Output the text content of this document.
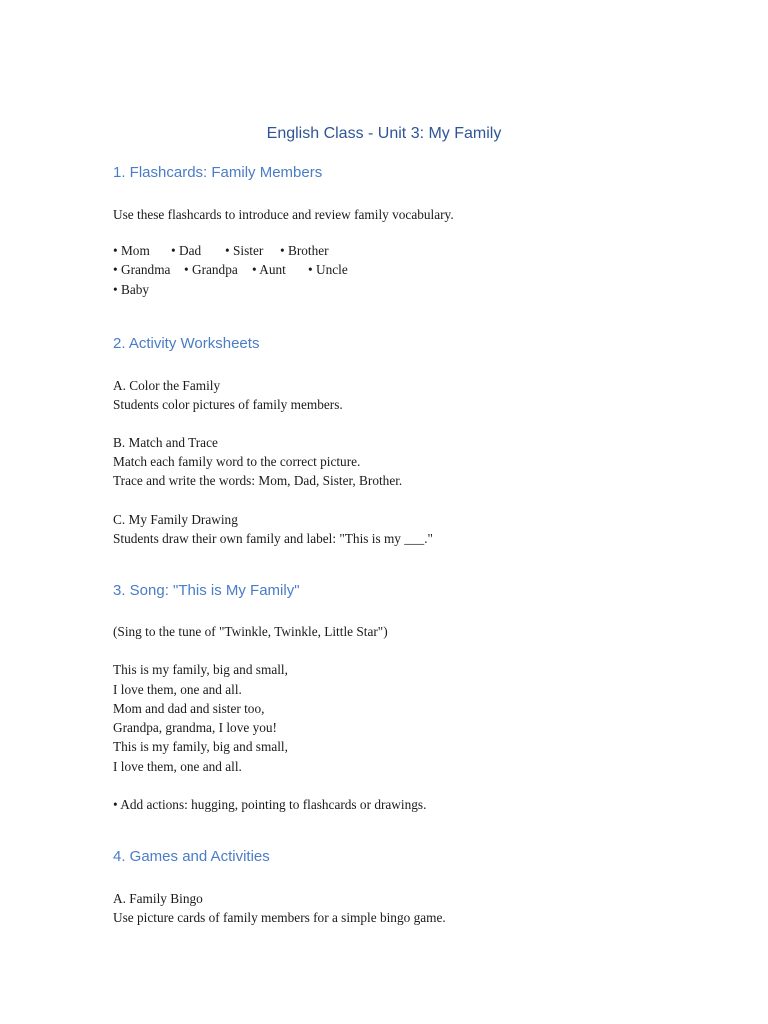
English Class - Unit 3: My Family
1. Flashcards: Family Members
Use these flashcards to introduce and review family vocabulary.
• Mom • Dad • Sister • Brother
• Grandma • Grandpa • Aunt • Uncle
• Baby
2. Activity Worksheets
A. Color the Family
Students color pictures of family members.
B. Match and Trace
Match each family word to the correct picture.
Trace and write the words: Mom, Dad, Sister, Brother.
C. My Family Drawing
Students draw their own family and label: "This is my ___."
3. Song: "This is My Family"
(Sing to the tune of "Twinkle, Twinkle, Little Star")
This is my family, big and small,
I love them, one and all.
Mom and dad and sister too,
Grandpa, grandma, I love you!
This is my family, big and small,
I love them, one and all.
• Add actions: hugging, pointing to flashcards or drawings.
4. Games and Activities
A. Family Bingo
Use picture cards of family members for a simple bingo game.
